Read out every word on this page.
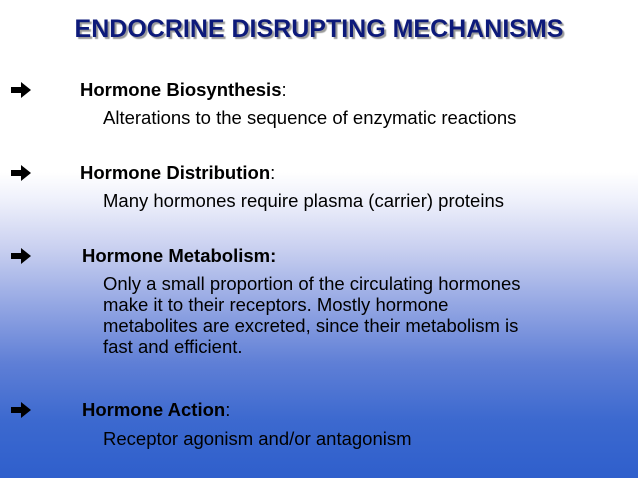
ENDOCRINE DISRUPTING MECHANISMS
Hormone Biosynthesis:
Alterations to the sequence of enzymatic reactions
Hormone Distribution:
Many hormones require plasma (carrier) proteins
Hormone Metabolism:
Only a small proportion of the circulating hormones
make it to their receptors. Mostly hormone
metabolites are excreted, since their metabolism is
fast and efficient.
Hormone Action:
Receptor agonism and/or antagonism
